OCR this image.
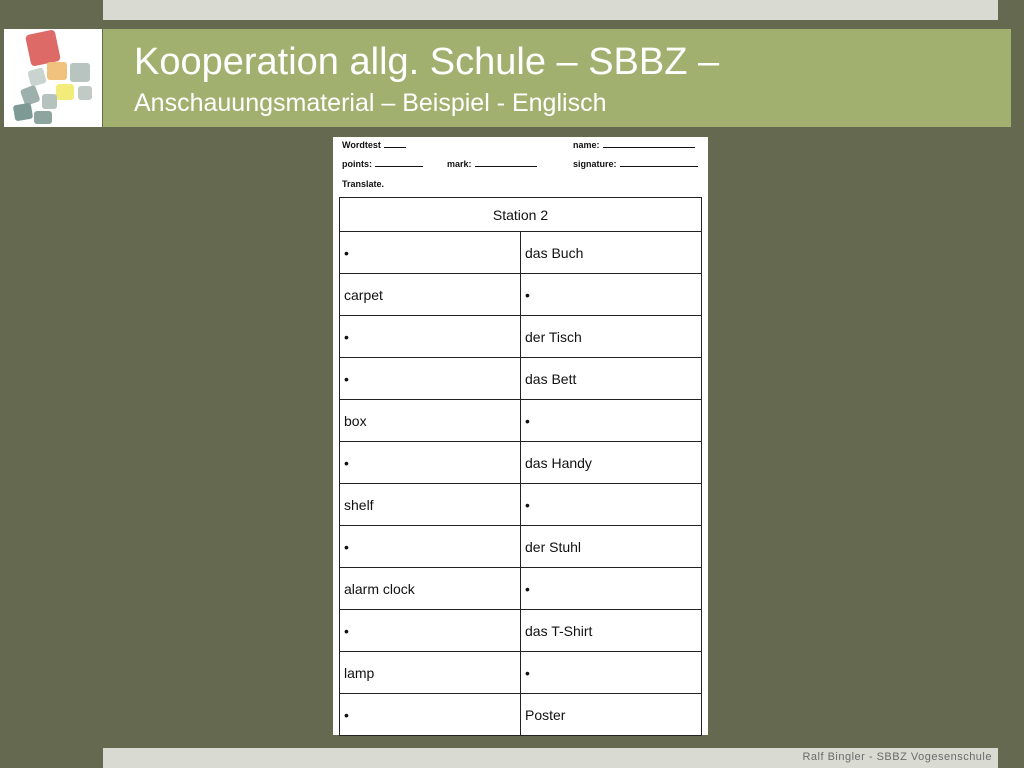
Kooperation allg. Schule – SBBZ –
Anschauungsmaterial – Beispiel - Englisch
Wordtest	name:
points:	mark:	signature:
Translate.
Station 2	
•	das Buch
carpet	•
•	der Tisch
•	das Bett
box	•
•	das Handy
shelf	•
•	der Stuhl
alarm clock	•
•	das T-Shirt
lamp	•
•	Poster
Ralf Bingler - SBBZ Vogesenschule
